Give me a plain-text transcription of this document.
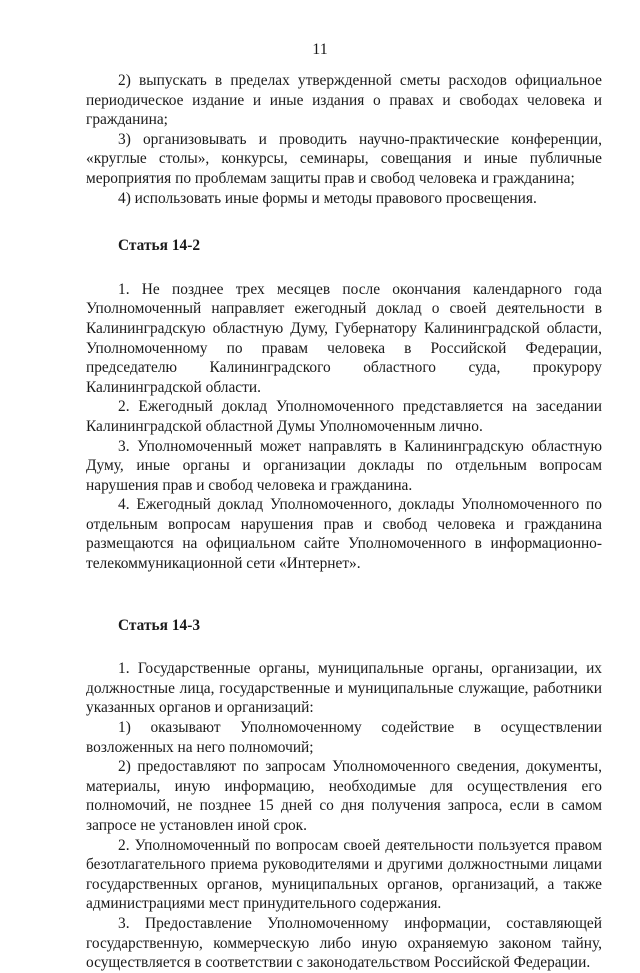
11

2) выпускать в пределах утвержденной сметы расходов официальное периодическое издание и иные издания о правах и свободах человека и гражданина;

3) организовывать и проводить научно-практические конференции, «круглые столы», конкурсы, семинары, совещания и иные публичные мероприятия по проблемам защиты прав и свобод человека и гражданина;

4) использовать иные формы и методы правового просвещения.

Статья 14-2

1. Не позднее трех месяцев после окончания календарного года Уполномоченный направляет ежегодный доклад о своей деятельности в Калининградскую областную Думу, Губернатору Калининградской области, Уполномоченному по правам человека в Российской Федерации, председателю Калининградского областного суда, прокурору Калининградской области.

2. Ежегодный доклад Уполномоченного представляется на заседании Калининградской областной Думы Уполномоченным лично.

3. Уполномоченный может направлять в Калининградскую областную Думу, иные органы и организации доклады по отдельным вопросам нарушения прав и свобод человека и гражданина.

4. Ежегодный доклад Уполномоченного, доклады Уполномоченного по отдельным вопросам нарушения прав и свобод человека и гражданина размещаются на официальном сайте Уполномоченного в информационно-телекоммуникационной сети «Интернет».

Статья 14-3

1. Государственные органы, муниципальные органы, организации, их должностные лица, государственные и муниципальные служащие, работники указанных органов и организаций:

1) оказывают Уполномоченному содействие в осуществлении возложенных на него полномочий;

2) предоставляют по запросам Уполномоченного сведения, документы, материалы, иную информацию, необходимые для осуществления его полномочий, не позднее 15 дней со дня получения запроса, если в самом запросе не установлен иной срок.

2. Уполномоченный по вопросам своей деятельности пользуется правом безотлагательного приема руководителями и другими должностными лицами государственных органов, муниципальных органов, организаций, а также администрациями мест принудительного содержания.

3. Предоставление Уполномоченному информации, составляющей государственную, коммерческую либо иную охраняемую законом тайну, осуществляется в соответствии с законодательством Российской Федерации.
